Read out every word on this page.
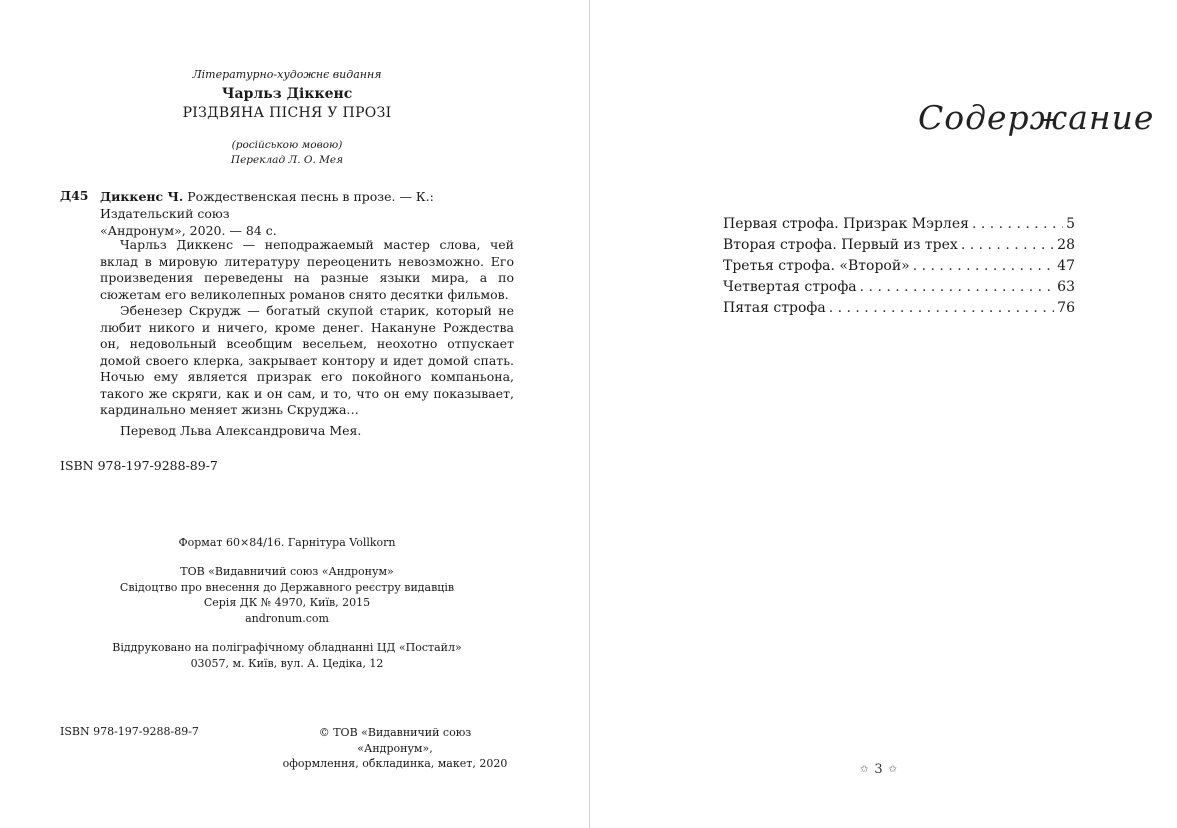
Літературно-художнє видання
Чарльз Діккенс
РІЗДВЯНА ПІСНЯ У ПРОЗІ
(російською мовою)
Переклад Л. О. Мея
Д45 Диккенс Ч. Рождественская песнь в прозе. — К.: Издательский союз
«Андронум», 2020. — 84 с.

Чарльз Диккенс — неподражаемый мастер слова, чей вклад в мировую литературу переоценить невозможно. Его произведения переведены на разные языки мира, а по сюжетам его великолепных романов снято десятки фильмов.

Эбенезер Скрудж — богатый скупой старик, который не любит никого и ничего, кроме денег. Накануне Рождества он, недовольный всеобщим весельем, неохотно отпускает домой своего клерка, закрывает контору и идет домой спать. Ночью ему является призрак его покойного компаньона, такого же скряги, как и он сам, и то, что он ему показывает, кардинально меняет жизнь Скруджа…

Перевод Льва Александровича Мея.
ISBN 978-197-9288-89-7
Формат 60×84/16. Гарнітура Vollkorn
ТОВ «Видавничий союз «Андронум»
Свідоцтво про внесення до Державного реєстру видавців
Серія ДК № 4970, Київ, 2015
andronum.com
Віддруковано на поліграфічному обладнанні ЦД «Постайл»
03057, м. Київ, вул. А. Цедіка, 12
ISBN 978-197-9288-89-7	© ТОВ «Видавничий союз «Андронум»,
оформлення, обкладинка, макет, 2020
Содержание
Первая строфа. Призрак Мэрлея . . .	5
Вторая строфа. Первый из трех . . .	28
Третья строфа. «Второй» . . .	47
Четвертая строфа . . .	63
Пятая строфа . . .	76
✩ 3 ✩
